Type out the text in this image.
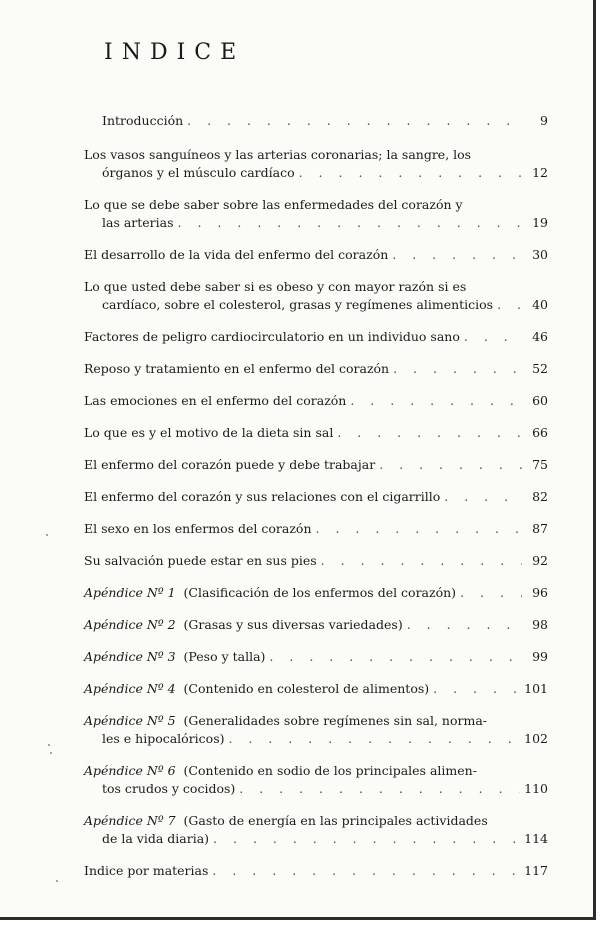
INDICE
Introducción . . .	9
Los vasos sanguíneos y las arterias coronarias; la sangre, los
órganos y el músculo cardíaco . . .	12
Lo que se debe saber sobre las enfermedades del corazón y
las arterias . . .	19
El desarrollo de la vida del enfermo del corazón . . .	30
Lo que usted debe saber si es obeso y con mayor razón si es
cardíaco, sobre el colesterol, grasas y regímenes alimenticios . . .	40
Factores de peligro cardiocirculatorio en un individuo sano . . .	46
Reposo y tratamiento en el enfermo del corazón . . .	52
Las emociones en el enfermo del corazón . . .	60
Lo que es y el motivo de la dieta sin sal . . .	66
El enfermo del corazón puede y debe trabajar . . .	75
El enfermo del corazón y sus relaciones con el cigarrillo . . .	82
El sexo en los enfermos del corazón . . .	87
Su salvación puede estar en sus pies . . .	92
Apéndice Nº 1 (Clasificación de los enfermos del corazón) . . .	96
Apéndice Nº 2 (Grasas y sus diversas variedades) . . .	98
Apéndice Nº 3 (Peso y talla) . . .	99
Apéndice Nº 4 (Contenido en colesterol de alimentos) . . .	101
Apéndice Nº 5 (Generalidades sobre regímenes sin sal, norma-
les e hipocalóricos) . . .	102
Apéndice Nº 6 (Contenido en sodio de los principales alimen-
tos crudos y cocidos) . . .	110
Apéndice Nº 7 (Gasto de energía en las principales actividades
de la vida diaria) . . .	114
Indice por materias . . .	117
